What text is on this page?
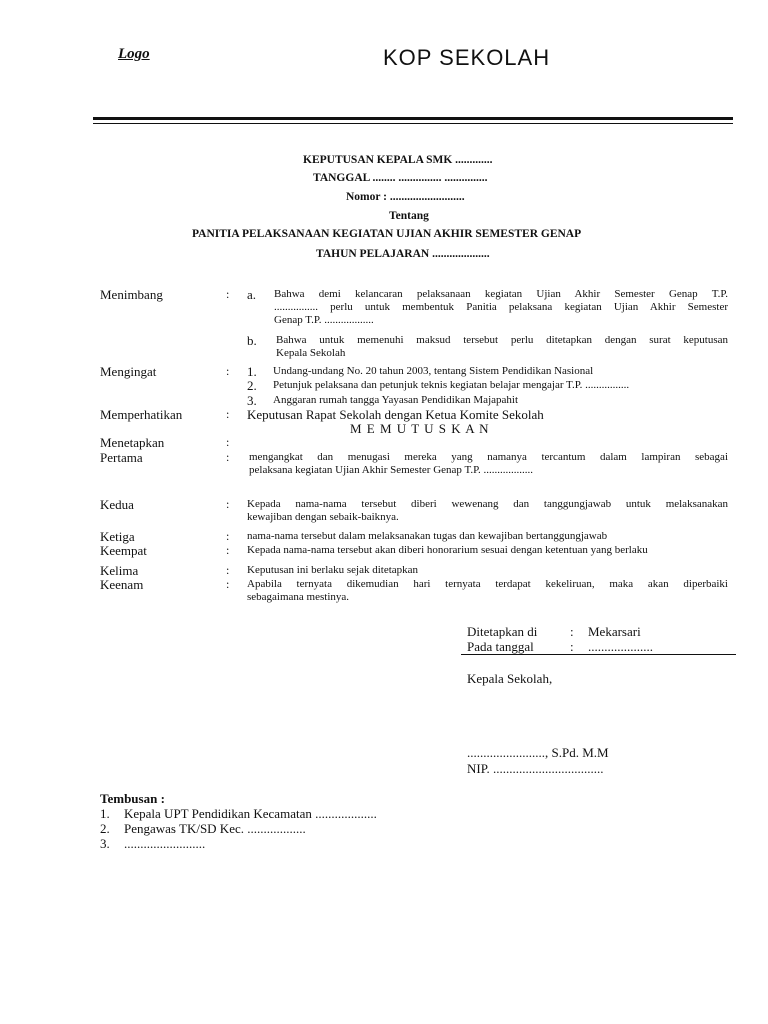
Logo	KOP SEKOLAH
KEPUTUSAN KEPALA SMK .............
TANGGAL ........ ............... ...............
Nomor : ..........................
Tentang
PANITIA PELAKSANAAN KEGIATAN UJIAN AKHIR SEMESTER GENAP
TAHUN PELAJARAN ....................
Menimbang	: a. Bahwa demi kelancaran pelaksanaan kegiatan Ujian Akhir Semester Genap T.P.
................ perlu untuk membentuk Panitia pelaksana kegiatan Ujian Akhir Semester
Genap T.P. ..................
b. Bahwa untuk memenuhi maksud tersebut perlu ditetapkan dengan surat keputusan
Kepala Sekolah
Mengingat	: 1. Undang-undang No. 20 tahun 2003, tentang Sistem Pendidikan Nasional
2. Petunjuk pelaksana dan petunjuk teknis kegiatan belajar mengajar T.P. ................
3. Anggaran rumah tangga Yayasan Pendidikan Majapahit
Memperhatikan	: Keputusan Rapat Sekolah dengan Ketua Komite Sekolah
M E M U T U S K A N
Menetapkan	:
Pertama	: mengangkat dan menugasi mereka yang namanya tercantum dalam lampiran sebagai
pelaksana kegiatan Ujian Akhir Semester Genap T.P. ..................
Kedua	: Kepada nama-nama tersebut diberi wewenang dan tanggungjawab untuk melaksanakan
kewajiban dengan sebaik-baiknya.
Ketiga	: nama-nama tersebut dalam melaksanakan tugas dan kewajiban bertanggungjawab
Keempat	: Kepada nama-nama tersebut akan diberi honorarium sesuai dengan ketentuan yang berlaku
Kelima	: Keputusan ini berlaku sejak ditetapkan
Keenam	: Apabila ternyata dikemudian hari ternyata terdapat kekeliruan, maka akan diperbaiki
sebagaimana mestinya.
Ditetapkan di	: Mekarsari
Pada tanggal	: ....................
Kepala Sekolah,
........................, S.Pd. M.M
NIP. ..................................
Tembusan :
1. Kepala UPT Pendidikan Kecamatan ...................
2. Pengawas TK/SD Kec. ..................
3. .........................
